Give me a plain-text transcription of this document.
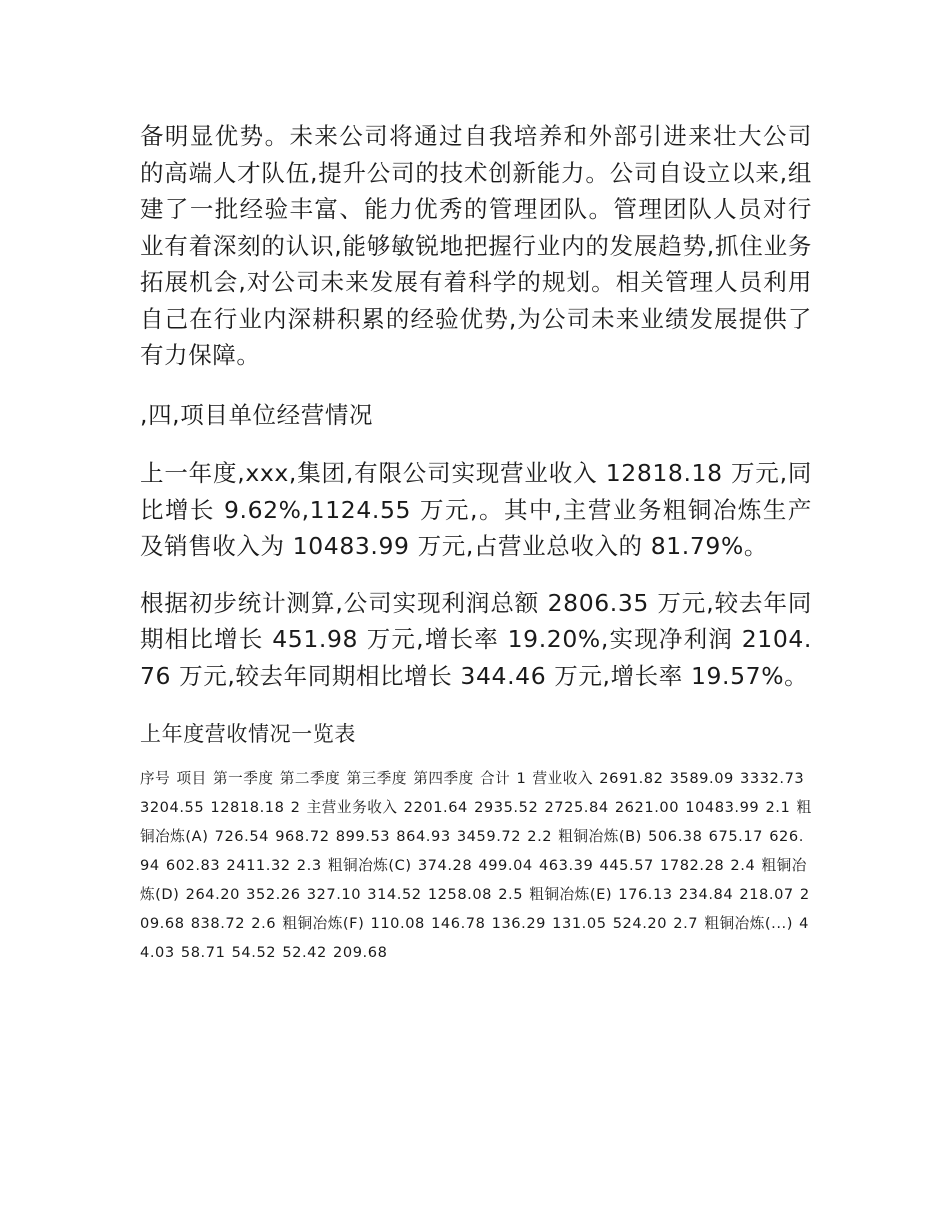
备明显优势。未来公司将通过自我培养和外部引进来壮大公司的高端人才队伍,提升公司的技术创新能力。公司自设立以来,组建了一批经验丰富、能力优秀的管理团队。管理团队人员对行业有着深刻的认识,能够敏锐地把握行业内的发展趋势,抓住业务拓展机会,对公司未来发展有着科学的规划。相关管理人员利用自己在行业内深耕积累的经验优势,为公司未来业绩发展提供了有力保障。

,四,项目单位经营情况

上一年度,xxx,集团,有限公司实现营业收入 12818.18 万元,同比增长 9.62%,1124.55 万元,。其中,主营业务粗铜冶炼生产及销售收入为 10483.99 万元,占营业总收入的 81.79%。

根据初步统计测算,公司实现利润总额 2806.35 万元,较去年同期相比增长 451.98 万元,增长率 19.20%,实现净利润 2104.76 万元,较去年同期相比增长 344.46 万元,增长率 19.57%。

上年度营收情况一览表

序号 项目 第一季度 第二季度 第三季度 第四季度 合计 1 营业收入 2691.82 3589.09 3332.73 3204.55 12818.18 2 主营业务收入 2201.64 2935.52 2725.84 2621.00 10483.99 2.1 粗铜冶炼(A) 726.54 968.72 899.53 864.93 3459.72 2.2 粗铜冶炼(B) 506.38 675.17 626.94 602.83 2411.32 2.3 粗铜冶炼(C) 374.28 499.04 463.39 445.57 1782.28 2.4 粗铜冶炼(D) 264.20 352.26 327.10 314.52 1258.08 2.5 粗铜冶炼(E) 176.13 234.84 218.07 209.68 838.72 2.6 粗铜冶炼(F) 110.08 146.78 136.29 131.05 524.20 2.7 粗铜冶炼(...) 44.03 58.71 54.52 52.42 209.68
